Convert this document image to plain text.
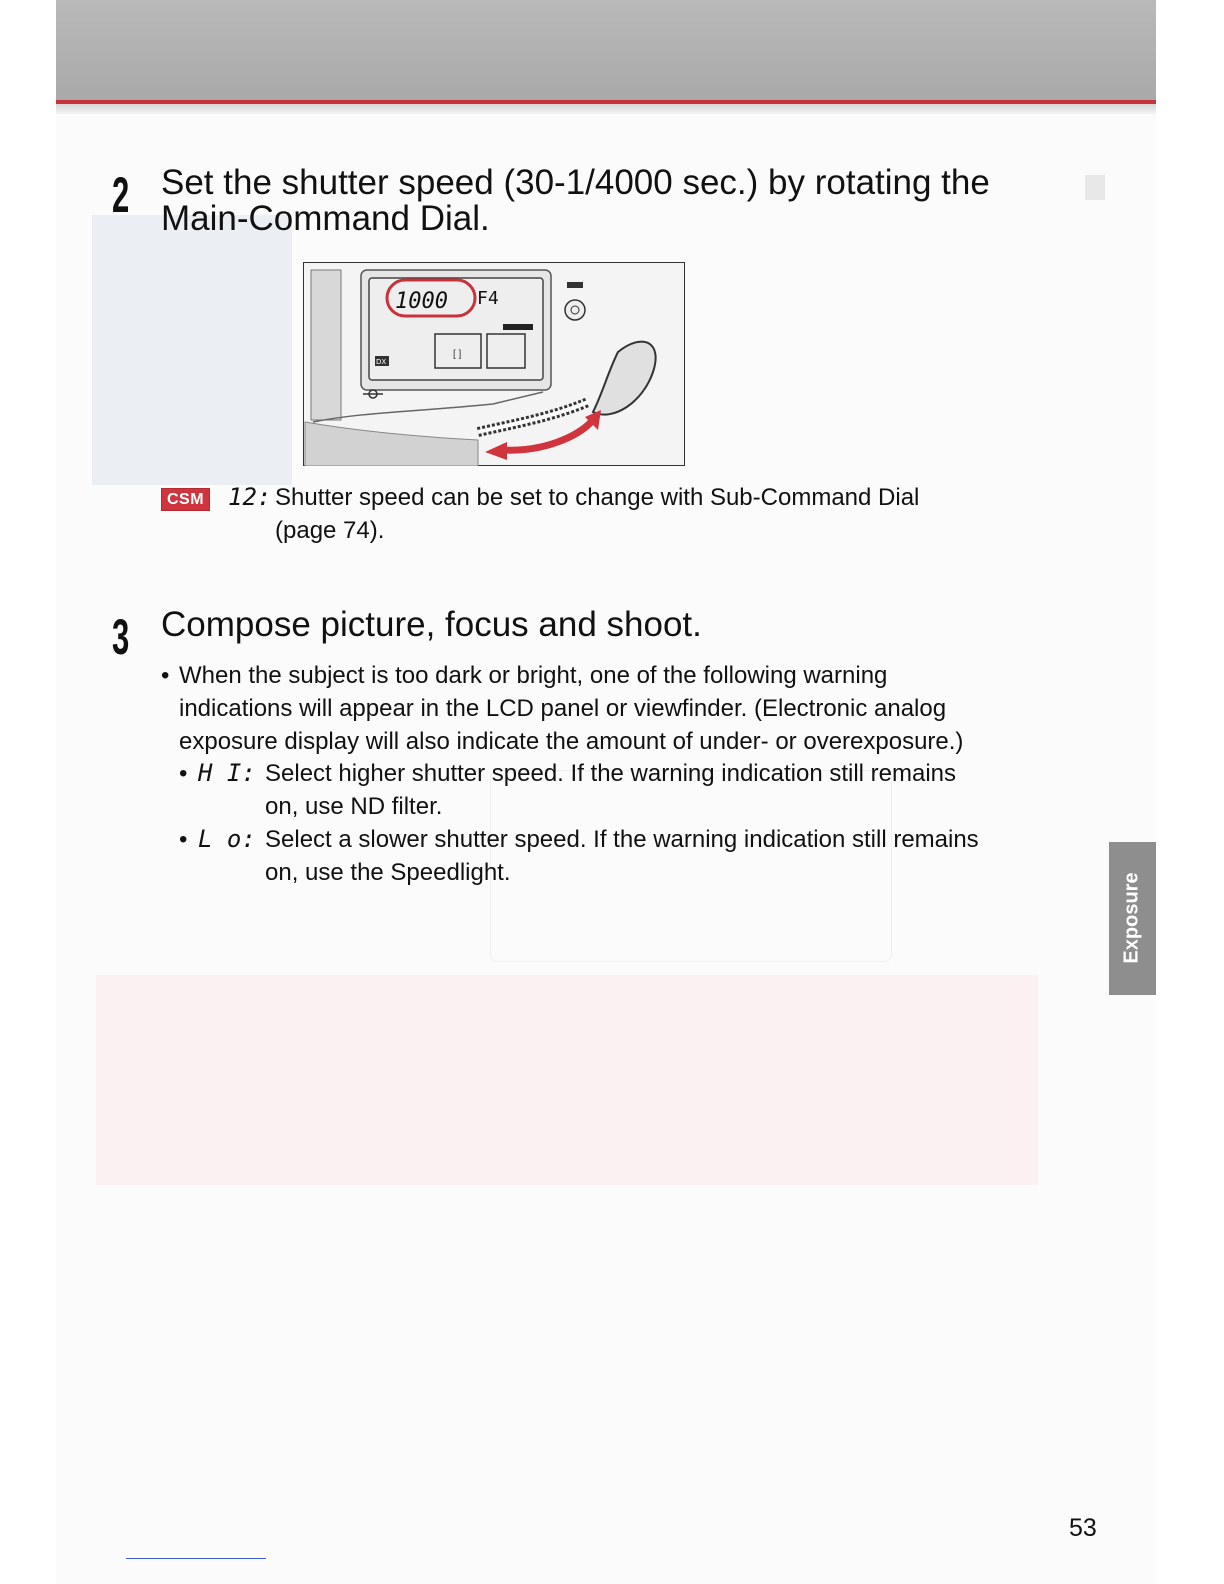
2 Set the shutter speed (30-1/4000 sec.) by rotating the
Main-Command Dial.
1000 F4
DX
[ ]
CSM 12: Shutter speed can be set to change with Sub-Command Dial
(page 74).
3 Compose picture, focus and shoot.
• When the subject is too dark or bright, one of the following warning
indications will appear in the LCD panel or viewfinder. (Electronic analog
exposure display will also indicate the amount of under- or overexposure.)
• H I: Select higher shutter speed. If the warning indication still remains
on, use ND filter.
• L o: Select a slower shutter speed. If the warning indication still remains
on, use the Speedlight.	Exposure
53
